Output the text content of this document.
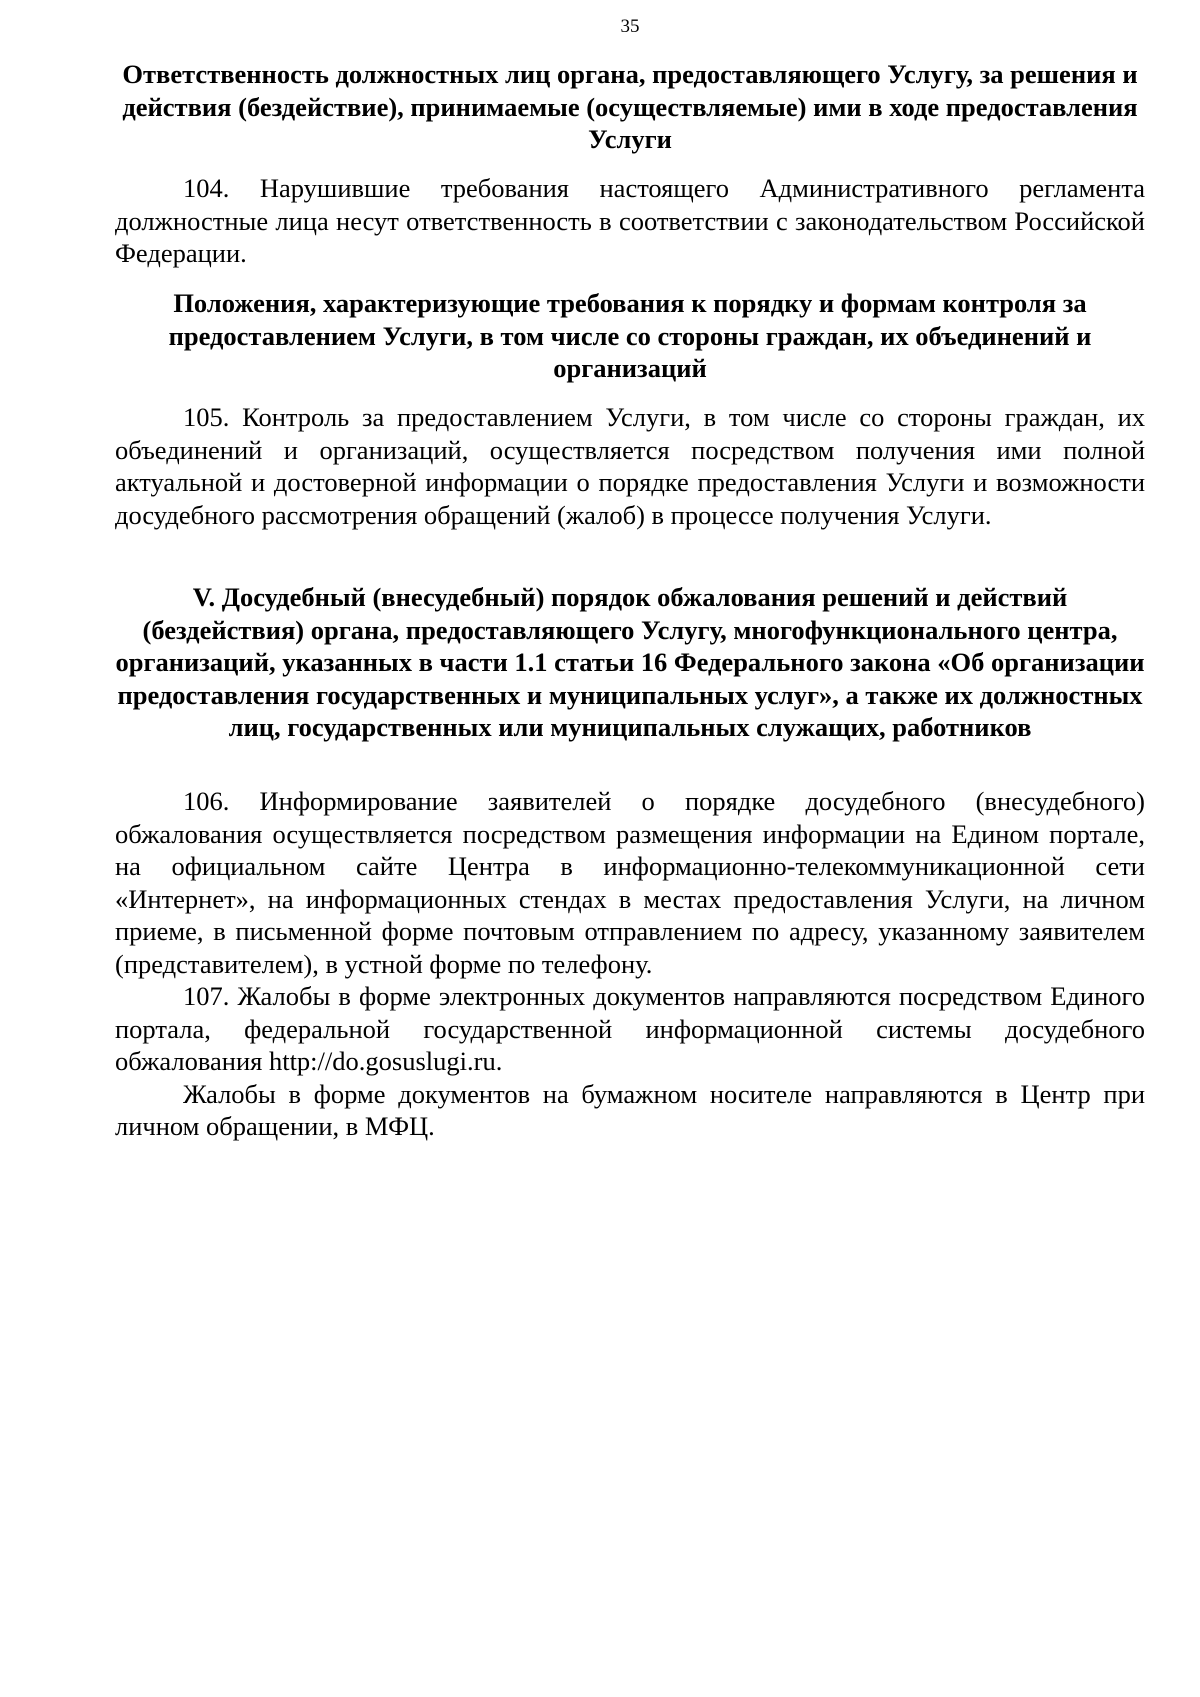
35
Ответственность должностных лиц органа, предоставляющего Услугу, за решения и действия (бездействие), принимаемые (осуществляемые) ими в ходе предоставления Услуги

104. Нарушившие требования настоящего Административного регламента должностные лица несут ответственность в соответствии с законодательством Российской Федерации.

Положения, характеризующие требования к порядку и формам контроля за предоставлением Услуги, в том числе со стороны граждан, их объединений и организаций

105. Контроль за предоставлением Услуги, в том числе со стороны граждан, их объединений и организаций, осуществляется посредством получения ими полной актуальной и достоверной информации о порядке предоставления Услуги и возможности досудебного рассмотрения обращений (жалоб) в процессе получения Услуги.

V. Досудебный (внесудебный) порядок обжалования решений и действий (бездействия) органа, предоставляющего Услугу, многофункционального центра, организаций, указанных в части 1.1 статьи 16 Федерального закона «Об организации предоставления государственных и муниципальных услуг», а также их должностных лиц, государственных или муниципальных служащих, работников

106. Информирование заявителей о порядке досудебного (внесудебного) обжалования осуществляется посредством размещения информации на Едином портале, на официальном сайте Центра в информационно-телекоммуникационной сети «Интернет», на информационных стендах в местах предоставления Услуги, на личном приеме, в письменной форме почтовым отправлением по адресу, указанному заявителем (представителем), в устной форме по телефону.

107. Жалобы в форме электронных документов направляются посредством Единого портала, федеральной государственной информационной системы досудебного обжалования http://do.gosuslugi.ru.

Жалобы в форме документов на бумажном носителе направляются в Центр при личном обращении, в МФЦ.
